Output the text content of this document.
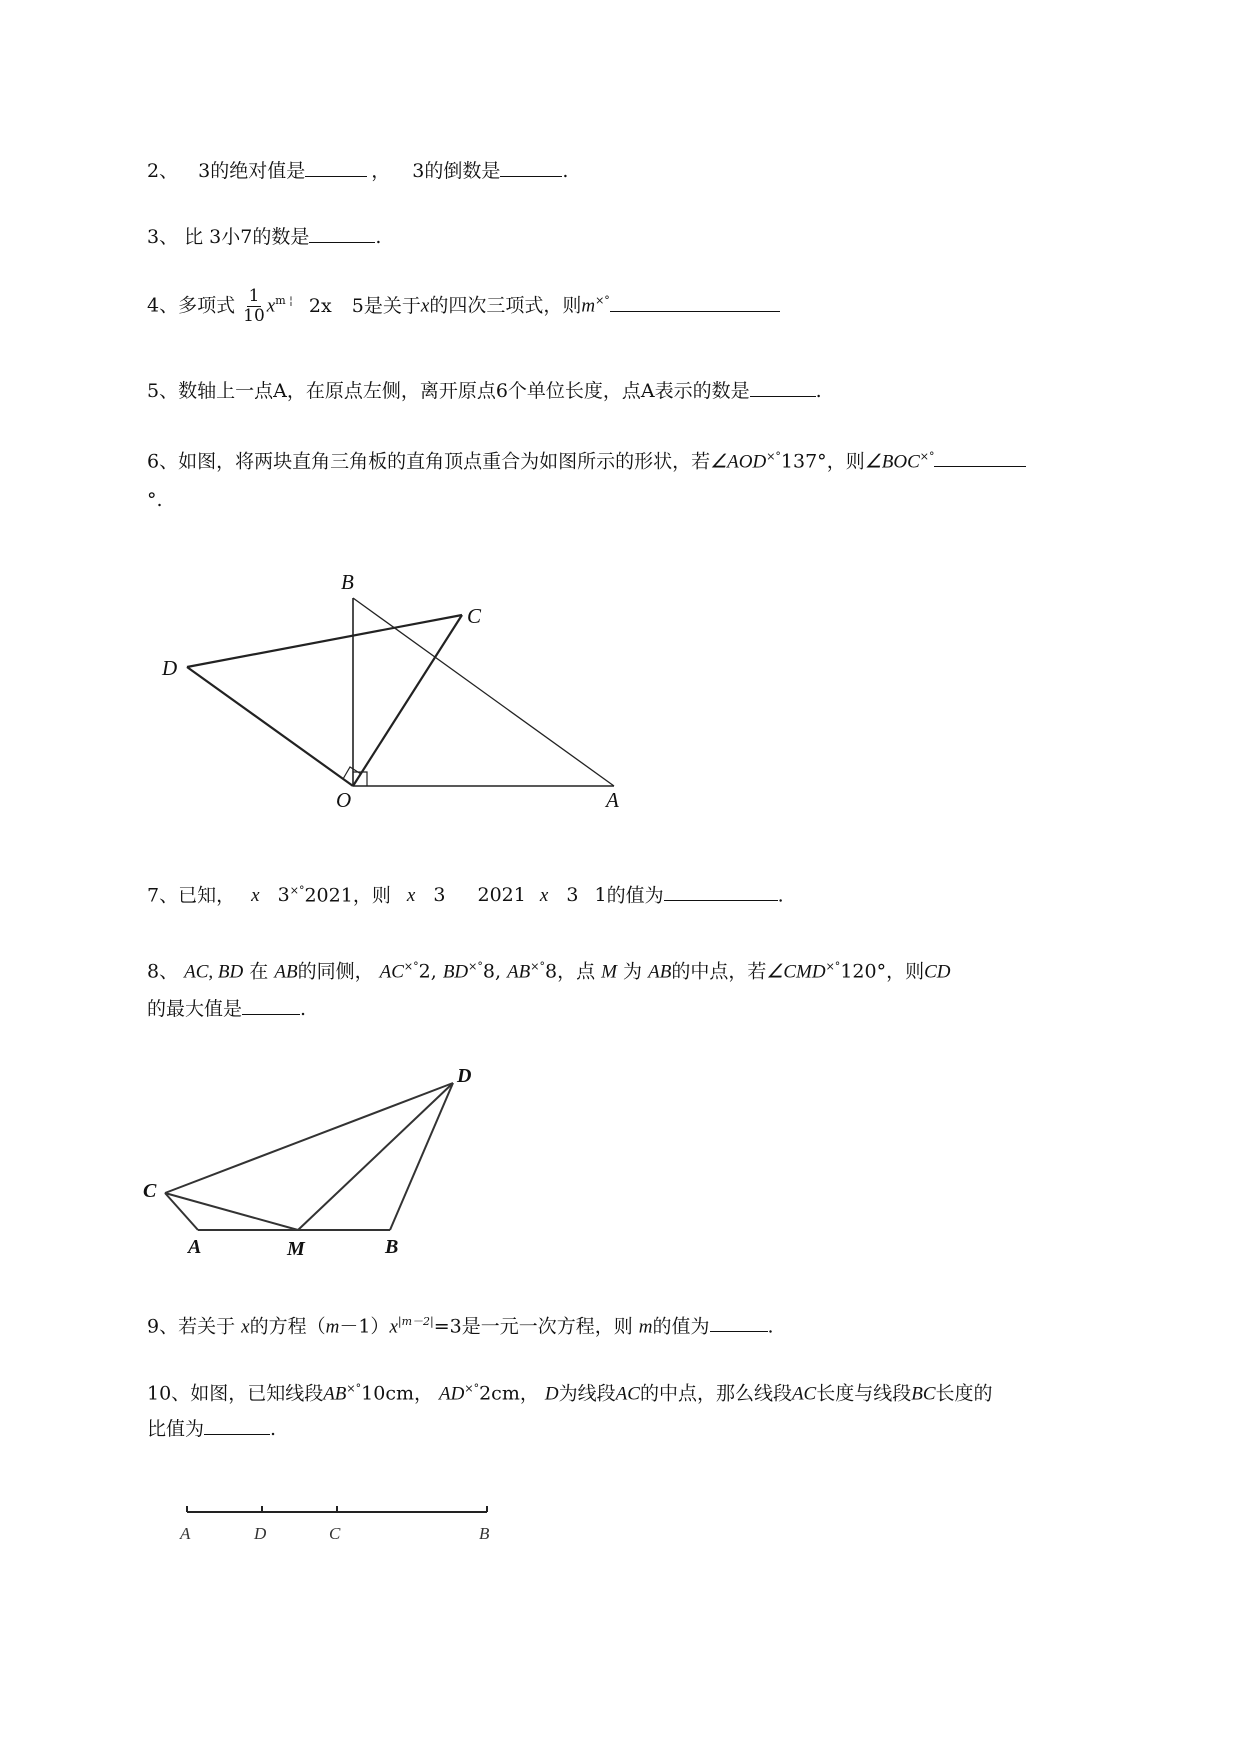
2、 3的绝对值是	， 3的倒数是	.
3、 比 3小7的数是	.
4、多项式 $\frac{1}{10} x^{m ¦}$ 2x 5是关于x的四次三项式，则m×°
5、数轴上一点A，在原点左侧，离开原点6个单位长度，点A表示的数是	.
6、如图，将两块直角三角板的直角顶点重合为如图所示的形状，若∠AOD×°137°，则∠BOC×°
°.
B
C
D
O	A
7、已知， x 3×°2021，则 x 3 2021 x 3 1的值为	.
8、 AC, BD 在 AB的同侧， AC×°2, BD×°8, AB×°8，点 M 为 AB的中点，若∠CMD×°120°，则CD
的最大值是	.
D
C
A	M	B
9、若关于 x的方程$(m-1)x^{|m-2|}=3$是一元一次方程，则 m的值为	.
10、如图，已知线段AB×°10cm， AD×°2cm， D为线段AC的中点，那么线段AC长度与线段BC长度的
比值为	.
A	D	C	B
